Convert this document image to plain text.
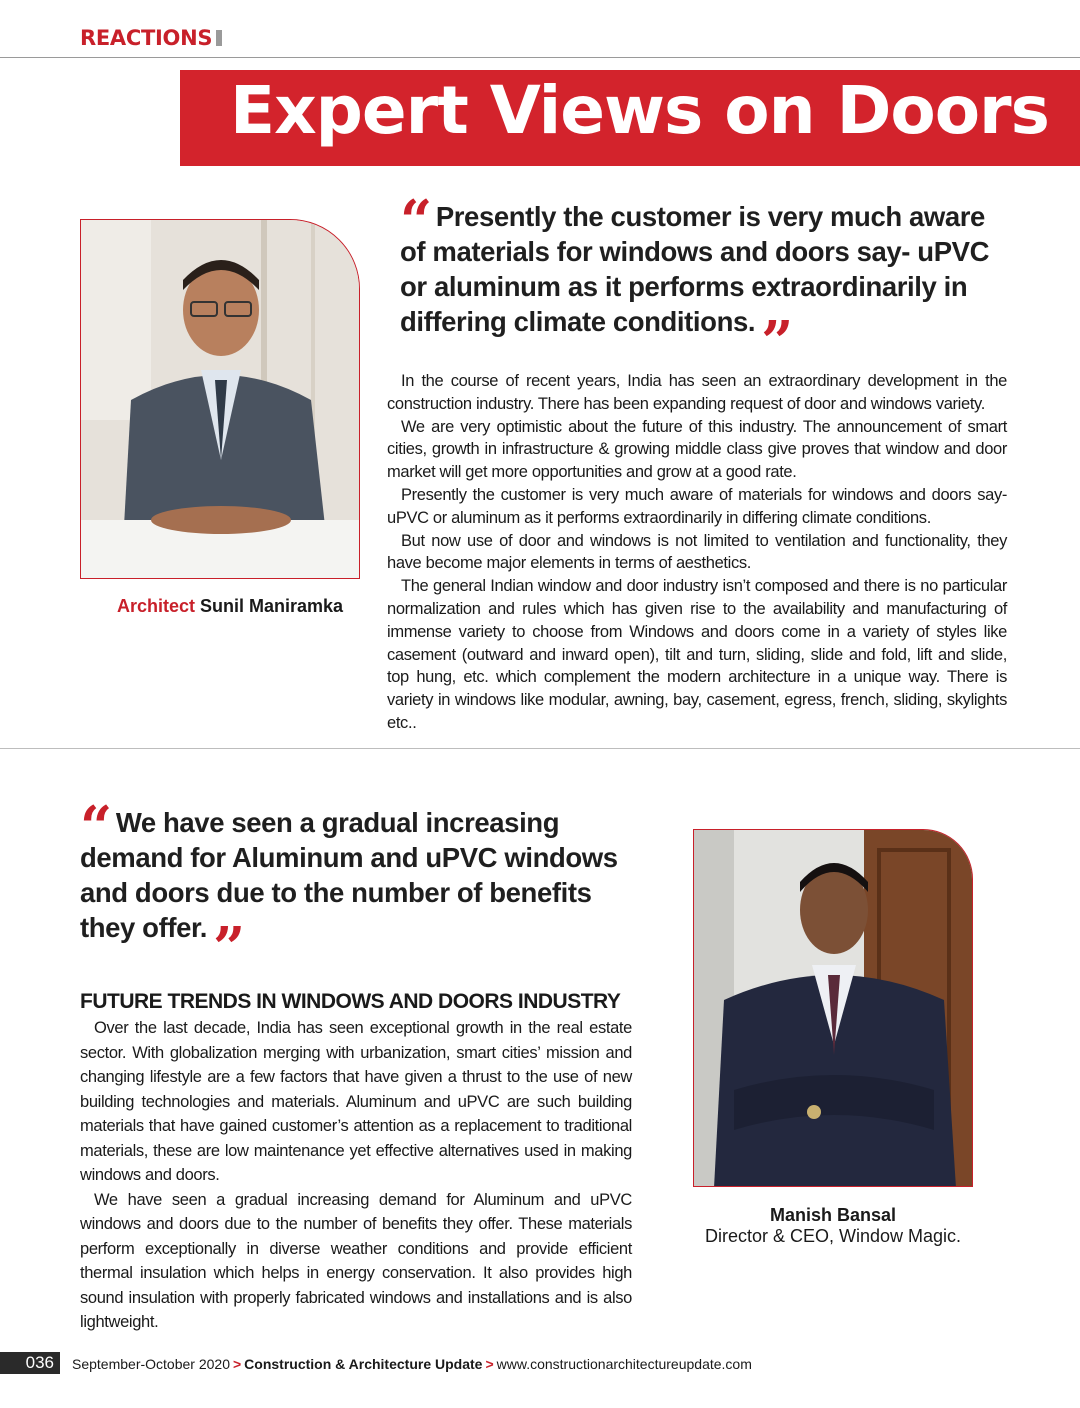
REACTIONS
Expert Views on Doors
“ Presently the customer is very much aware of materials for windows and doors say- uPVC or aluminum as it performs extraordinarily in differing climate conditions. ”

In the course of recent years, India has seen an extraordinary development in the construction industry. There has been expanding request of door and windows variety.

We are very optimistic about the future of this industry. The announcement of smart cities, growth in infrastructure & growing middle class give proves that window and door market will get more opportunities and grow at a good rate.

Presently the customer is very much aware of materials for windows and doors say-uPVC or aluminum as it performs extraordinarily in differing climate conditions.

But now use of door and windows is not limited to ventilation and functionality, they have become major elements in terms of aesthetics.

The general Indian window and door industry isn’t composed and there is no particular normalization and rules which has given rise to the availability and manufacturing of immense variety to choose from Windows and doors come in a variety of styles like casement (outward and inward open), tilt and turn, sliding, slide and fold, lift and slide, top hung, etc. which complement the modern architecture in a unique way. There is variety in windows like modular, awning, bay, casement, egress, french, sliding, skylights etc..

Architect Sunil Maniramka
“ We have seen a gradual increasing demand for Aluminum and uPVC windows and doors due to the number of benefits they offer. ”
FUTURE TRENDS IN WINDOWS AND DOORS INDUSTRY

Over the last decade, India has seen exceptional growth in the real estate sector. With globalization merging with urbanization, smart cities’ mission and changing lifestyle are a few factors that have given a thrust to the use of new building technologies and materials. Aluminum and uPVC are such building materials that have gained customer’s attention as a replacement to traditional materials, these are low maintenance yet effective alternatives used in making windows and doors.

We have seen a gradual increasing demand for Aluminum and uPVC windows and doors due to the number of benefits they offer. These materials perform exceptionally in diverse weather conditions and provide efficient thermal insulation which helps in energy conservation. It also provides high sound insulation with properly fabricated windows and installations and is also lightweight.

Manish Bansal
Director & CEO, Window Magic.
036	September-October 2020 > Construction & Architecture Update > www.constructionarchitectureupdate.com
